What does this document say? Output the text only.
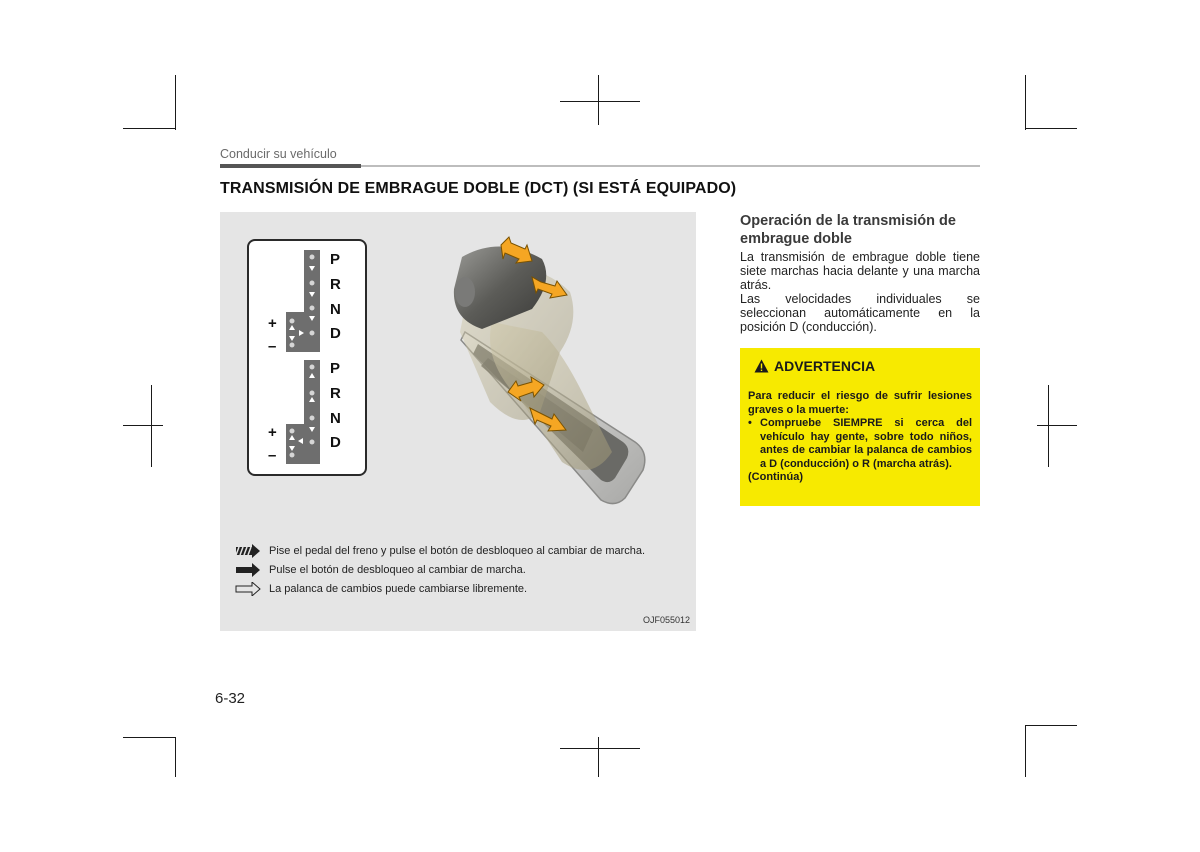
Conducir su vehículo
TRANSMISIÓN DE EMBRAGUE DOBLE (DCT) (SI ESTÁ EQUIPADO)
P
R
N
D
P
R
N
D
+
–
+
–
Pise el pedal del freno y pulse el botón de desbloqueo al cambiar de marcha.
Pulse el botón de desbloqueo al cambiar de marcha.
La palanca de cambios puede cambiarse libremente.
OJF055012
Operación de la transmisión de embrague doble
La transmisión de embrague doble tiene siete marchas hacia delante y una marcha atrás.
Las velocidades individuales se seleccionan automáticamente en la posición D (conducción).
ADVERTENCIA
Para reducir el riesgo de sufrir lesiones graves o la muerte:
• Compruebe SIEMPRE si cerca del vehículo hay gente, sobre todo niños, antes de cambiar la palanca de cambios a D (conducción) o R (marcha atrás).
(Continúa)
6-32
